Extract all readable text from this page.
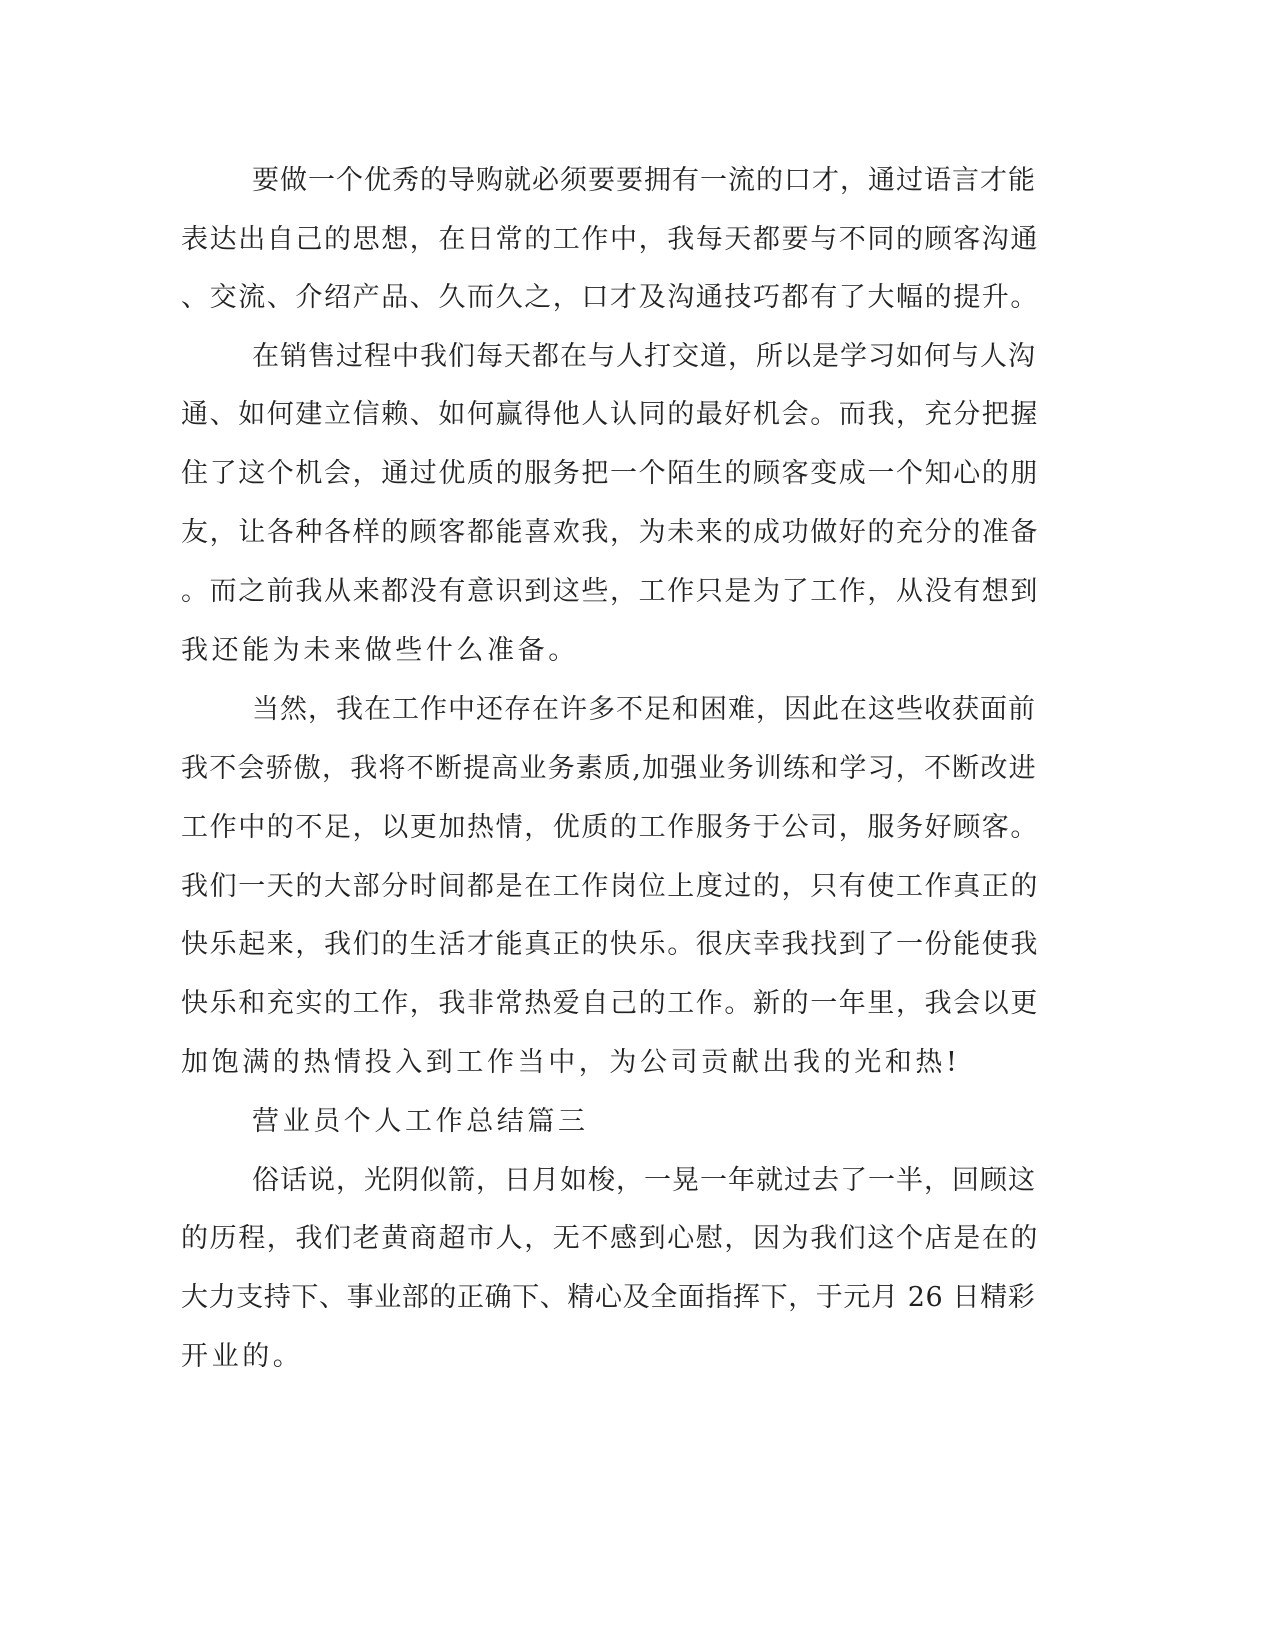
要做一个优秀的导购就必须要要拥有一流的口才，通过语言才能

表达出自己的思想，在日常的工作中，我每天都要与不同的顾客沟通

、交流、介绍产品、久而久之，口才及沟通技巧都有了大幅的提升。

在销售过程中我们每天都在与人打交道，所以是学习如何与人沟

通、如何建立信赖、如何赢得他人认同的最好机会。而我，充分把握

住了这个机会，通过优质的服务把一个陌生的顾客变成一个知心的朋

友，让各种各样的顾客都能喜欢我，为未来的成功做好的充分的准备

。而之前我从来都没有意识到这些，工作只是为了工作，从没有想到

我还能为未来做些什么准备。

当然，我在工作中还存在许多不足和困难，因此在这些收获面前

我不会骄傲，我将不断提高业务素质,加强业务训练和学习，不断改进

工作中的不足，以更加热情，优质的工作服务于公司，服务好顾客。

我们一天的大部分时间都是在工作岗位上度过的，只有使工作真正的

快乐起来，我们的生活才能真正的快乐。很庆幸我找到了一份能使我

快乐和充实的工作，我非常热爱自己的工作。新的一年里，我会以更

加饱满的热情投入到工作当中，为公司贡献出我的光和热!

营业员个人工作总结篇三

俗话说，光阴似箭，日月如梭，一晃一年就过去了一半，回顾这

的历程，我们老黄商超市人，无不感到心慰，因为我们这个店是在的

大力支持下、事业部的正确下、精心及全面指挥下，于元月 26 日精彩

开业的。
